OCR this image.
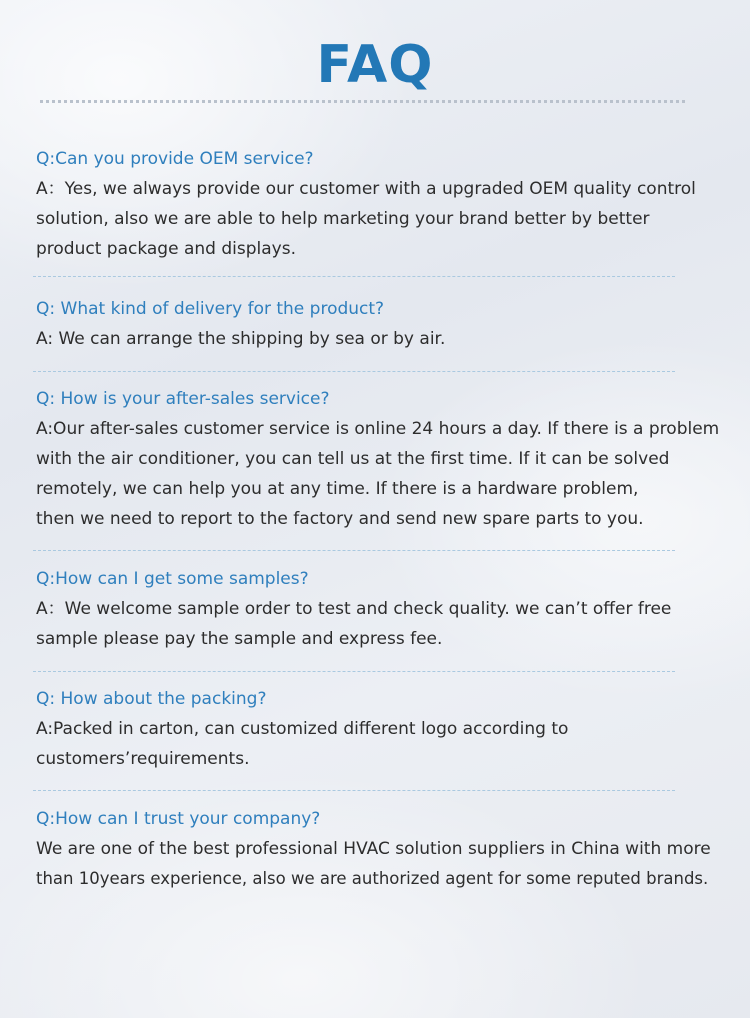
FAQ

Q:Can you provide OEM service?

A：Yes, we always provide our customer with a upgraded OEM quality control
solution, also we are able to help marketing your brand better by better
product package and displays.

Q: What kind of delivery for the product?

A: We can arrange the shipping by sea or by air.

Q: How is your after-sales service?

A:Our after-sales customer service is online 24 hours a day. If there is a problem
with the air conditioner, you can tell us at the first time. If it can be solved
remotely, we can help you at any time. If there is a hardware problem,
then we need to report to the factory and send new spare parts to you.

Q:How can I get some samples?

A：We welcome sample order to test and check quality. we can’t offer free
sample please pay the sample and express fee.

Q: How about the packing?

A:Packed in carton, can customized different logo according to
customers’requirements.

Q:How can I trust your company?

We are one of the best professional HVAC solution suppliers in China with more
than 10years experience, also we are authorized agent for some reputed brands.
